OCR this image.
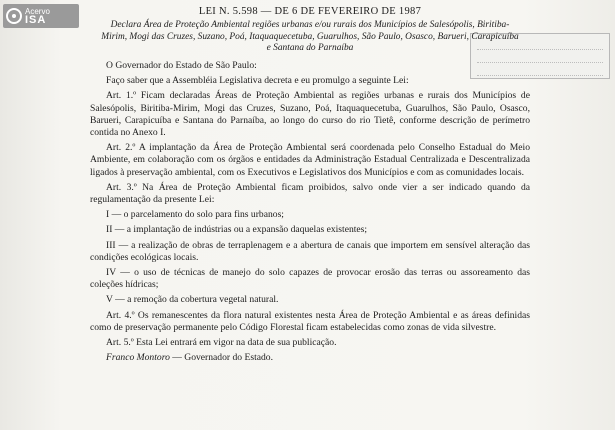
Acervo
ISA
LEI N. 5.598 — DE 6 DE FEVEREIRO DE 1987
Declara Área de Proteção Ambiental regiões urbanas e/ou rurais dos Municípios de Salesópolis, Biritiba-Mirim, Mogi das Cruzes, Suzano, Poá, Itaquaquecetuba, Guarulhos, São Paulo, Osasco, Barueri, Carapicuíba e Santana do Parnaíba

O Governador do Estado de São Paulo:

Faço saber que a Assembléia Legislativa decreta e eu promulgo a seguinte Lei:

Art. 1.º Ficam declaradas Áreas de Proteção Ambiental as regiões urbanas e rurais dos Municípios de Salesópolis, Biritiba-Mirim, Mogi das Cruzes, Suzano, Poá, Itaquaquecetuba, Guarulhos, São Paulo, Osasco, Barueri, Carapicuíba e Santana do Parnaíba, ao longo do curso do rio Tietê, conforme descrição de perímetro contida no Anexo I.

Art. 2.º A implantação da Área de Proteção Ambiental será coordenada pelo Conselho Estadual do Meio Ambiente, em colaboração com os órgãos e entidades da Administração Estadual Centralizada e Descentralizada ligados à preservação ambiental, com os Executivos e Legislativos dos Municípios e com as comunidades locais.

Art. 3.º Na Área de Proteção Ambiental ficam proibidos, salvo onde vier a ser indicado quando da regulamentação da presente Lei:

I — o parcelamento do solo para fins urbanos;

II — a implantação de indústrias ou a expansão daquelas existentes;

III — a realização de obras de terraplenagem e a abertura de canais que importem em sensível alteração das condições ecológicas locais.

IV — o uso de técnicas de manejo do solo capazes de provocar erosão das terras ou assoreamento das coleções hídricas;

V — a remoção da cobertura vegetal natural.

Art. 4.º Os remanescentes da flora natural existentes nesta Área de Proteção Ambiental e as áreas definidas como de preservação permanente pelo Código Florestal ficam estabelecidas como zonas de vida silvestre.

Art. 5.º Esta Lei entrará em vigor na data de sua publicação.

Franco Montoro — Governador do Estado.
